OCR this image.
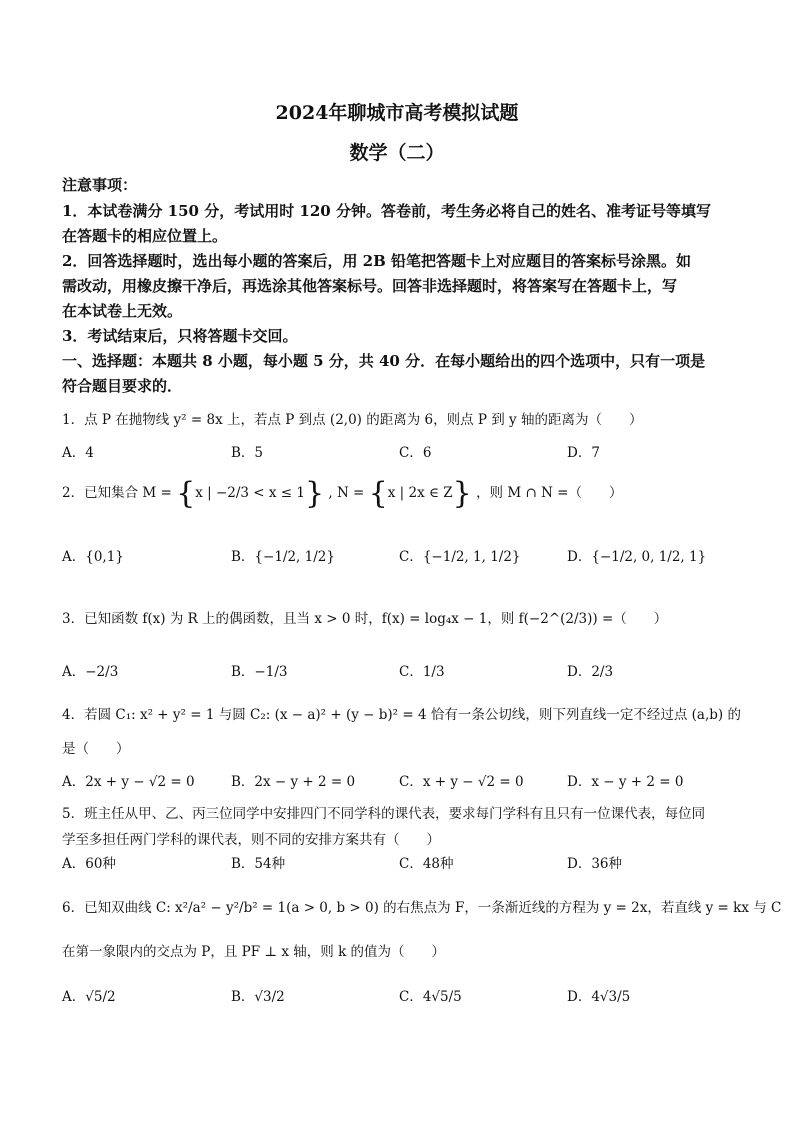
2024年聊城市高考模拟试题
数学（二）
注意事项：
1．本试卷满分 150 分，考试用时 120 分钟。答卷前，考生务必将自己的姓名、准考证号等填写
在答题卡的相应位置上。
2．回答选择题时，选出每小题的答案后，用 2B 铅笔把答题卡上对应题目的答案标号涂黑。如
需改动，用橡皮擦干净后，再选涂其他答案标号。回答非选择题时，将答案写在答题卡上，写
在本试卷上无效。
3．考试结束后，只将答题卡交回。
一、选择题：本题共 8 小题，每小题 5 分，共 40 分．在每小题给出的四个选项中，只有一项是
符合题目要求的．
1．点 P 在抛物线 y² = 8x 上，若点 P 到点 (2,0) 的距离为 6，则点 P 到 y 轴的距离为（　　）
A．4	B．5	C．6	D．7
2．已知集合 M = {x | −2/3 < x ≤ 1} , N = {x | 2x ∈ Z} ，则 M ∩ N =（　　）
A．{0,1}	B．{−1/2, 1/2}	C．{−1/2, 1, 1/2}	D．{−1/2, 0, 1/2, 1}
3．已知函数 f(x) 为 R 上的偶函数，且当 x > 0 时，f(x) = log₄x − 1，则 f(−2^(2/3)) =（　　）
A．−2/3	B．−1/3	C．1/3	D．2/3
4．若圆 C₁: x² + y² = 1 与圆 C₂: (x − a)² + (y − b)² = 4 恰有一条公切线，则下列直线一定不经过点 (a,b) 的
是（　　）
A．2x + y − √2 = 0	B．2x − y + 2 = 0	C．x + y − √2 = 0	D．x − y + 2 = 0
5．班主任从甲、乙、丙三位同学中安排四门不同学科的课代表，要求每门学科有且只有一位课代表，每位同
学至多担任两门学科的课代表，则不同的安排方案共有（　　）
A．60种	B．54种	C．48种	D．36种
6．已知双曲线 C: x²/a² − y²/b² = 1(a > 0, b > 0) 的右焦点为 F，一条渐近线的方程为 y = 2x，若直线 y = kx 与 C
在第一象限内的交点为 P，且 PF ⊥ x 轴，则 k 的值为（　　）
A．√5/2	B．√3/2	C．4√5/5	D．4√3/5
